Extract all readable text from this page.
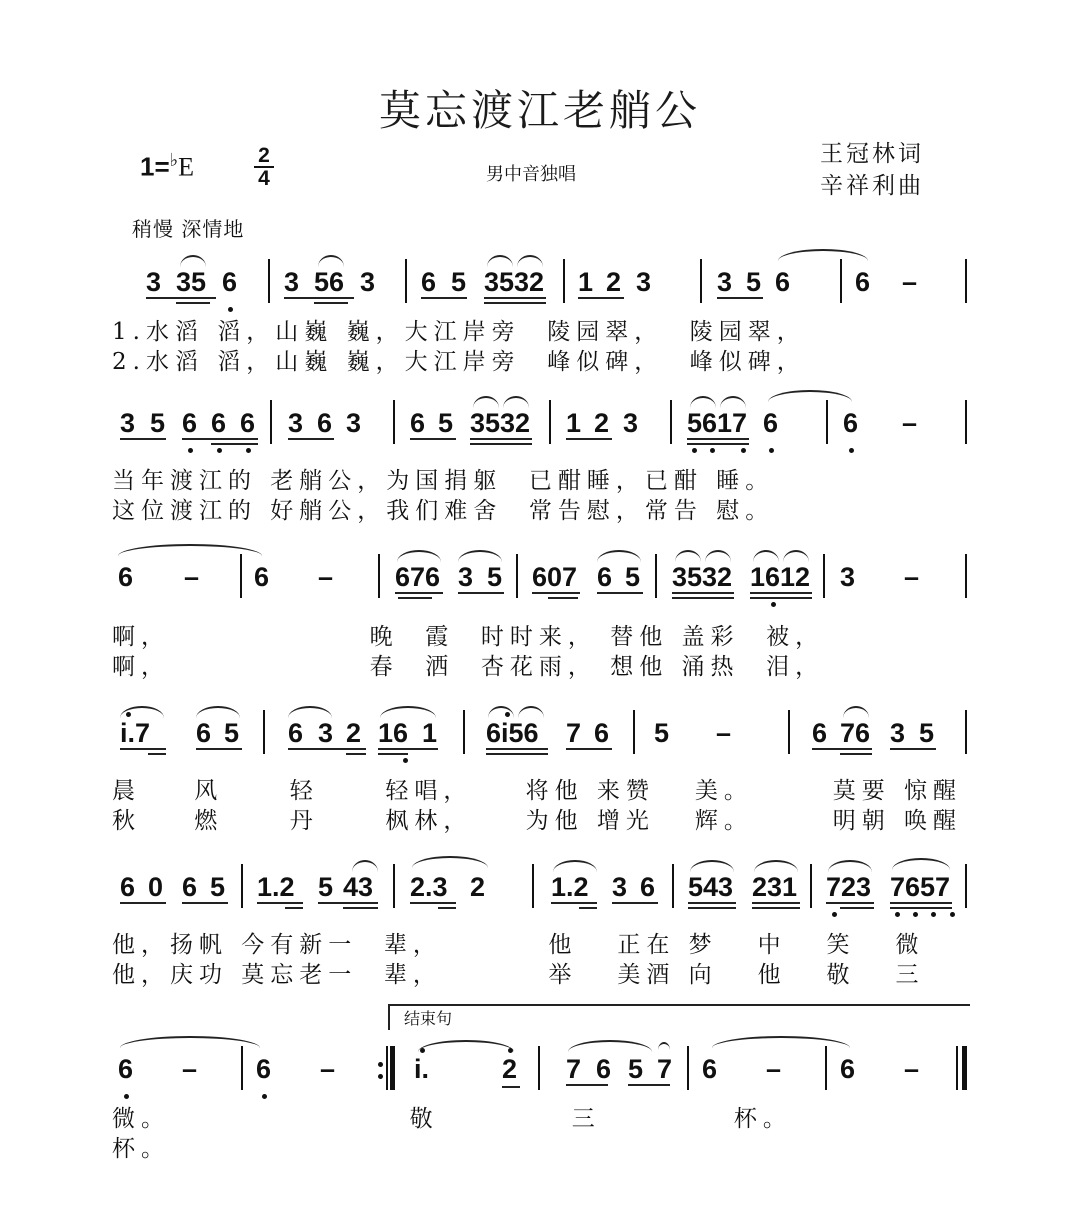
莫忘渡江老艄公
1=♭E	2
4	男中音独唱
王冠林词
辛祥利曲
稍慢 深情地
3 35 6 3 56 3 6 5 3532 1 2 3 3 5 6 6 –
1.水滔 滔，山巍 巍，大江岸旁  陵园翠，  陵园翠，
2.水滔 滔，山巍 巍，大江岸旁  峰似碑，  峰似碑，
3 5 6 6 6 3 6 3 6 5 3532 1 2 3 5617 6 6 –
当年渡江的 老艄公，为国捐躯  已酣睡，已酣 睡。
这位渡江的 好艄公，我们难舍  常告慰，常告 慰。
6 – 6 – 676 3 5 607 6 5 3532 1612 3 –
啊，               晚  霞  时时来， 替他 盖彩  被，
啊，               春  洒  杏花雨， 想他 涌热  泪，
i.7 6 5 6 3 2 16 1 6i56 7 6 5 –	6 76 3 5
晨    风     轻     轻唱，    将他 来赞   美。      莫要 惊醒
秋    燃     丹     枫林，    为他 增光   辉。      明朝 唤醒
6 0 6 5 1.2 5 43 2.3 2 1.2 3 6 543 231 723 7657
他，扬帆 今有新一  辈，        他   正在 梦   中   笑   微
他，庆功 莫忘老一  辈，        举   美酒 向   他   敬   三
6 – 6 –	i.	2 7 6 5 7 6 – 6 –
结束句
微。                  敬          三          杯。
杯。
